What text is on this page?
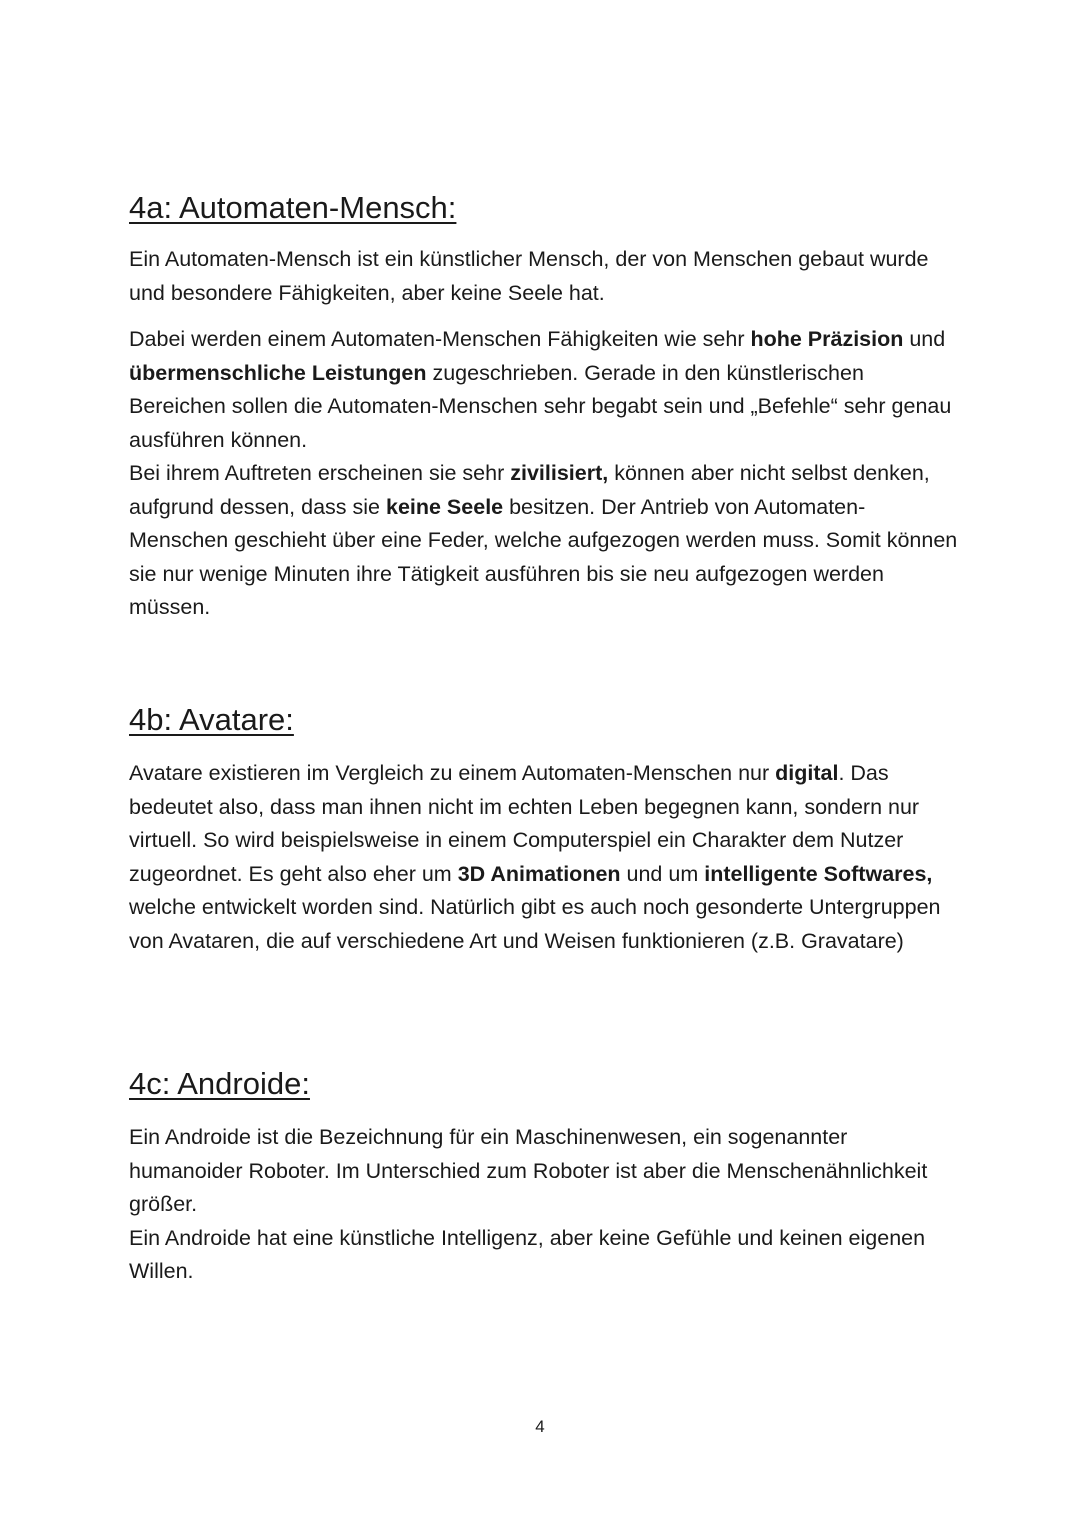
4a: Automaten-Mensch:

Ein Automaten-Mensch ist ein künstlicher Mensch, der von Menschen gebaut wurde und besondere Fähigkeiten, aber keine Seele hat.

Dabei werden einem Automaten-Menschen Fähigkeiten wie sehr hohe Präzision und übermenschliche Leistungen zugeschrieben. Gerade in den künstlerischen Bereichen sollen die Automaten-Menschen sehr begabt sein und „Befehle“ sehr genau ausführen können.
Bei ihrem Auftreten erscheinen sie sehr zivilisiert, können aber nicht selbst denken, aufgrund dessen, dass sie keine Seele besitzen. Der Antrieb von Automaten-Menschen geschieht über eine Feder, welche aufgezogen werden muss. Somit können sie nur wenige Minuten ihre Tätigkeit ausführen bis sie neu aufgezogen werden müssen.

4b: Avatare:

Avatare existieren im Vergleich zu einem Automaten-Menschen nur digital. Das bedeutet also, dass man ihnen nicht im echten Leben begegnen kann, sondern nur virtuell. So wird beispielsweise in einem Computerspiel ein Charakter dem Nutzer zugeordnet. Es geht also eher um 3D Animationen und um intelligente Softwares, welche entwickelt worden sind. Natürlich gibt es auch noch gesonderte Untergruppen von Avataren, die auf verschiedene Art und Weisen funktionieren (z.B. Gravatare)

4c: Androide:

Ein Androide ist die Bezeichnung für ein Maschinenwesen, ein sogenannter humanoider Roboter. Im Unterschied zum Roboter ist aber die Menschenähnlichkeit größer.
Ein Androide hat eine künstliche Intelligenz, aber keine Gefühle und keinen eigenen Willen.

4
